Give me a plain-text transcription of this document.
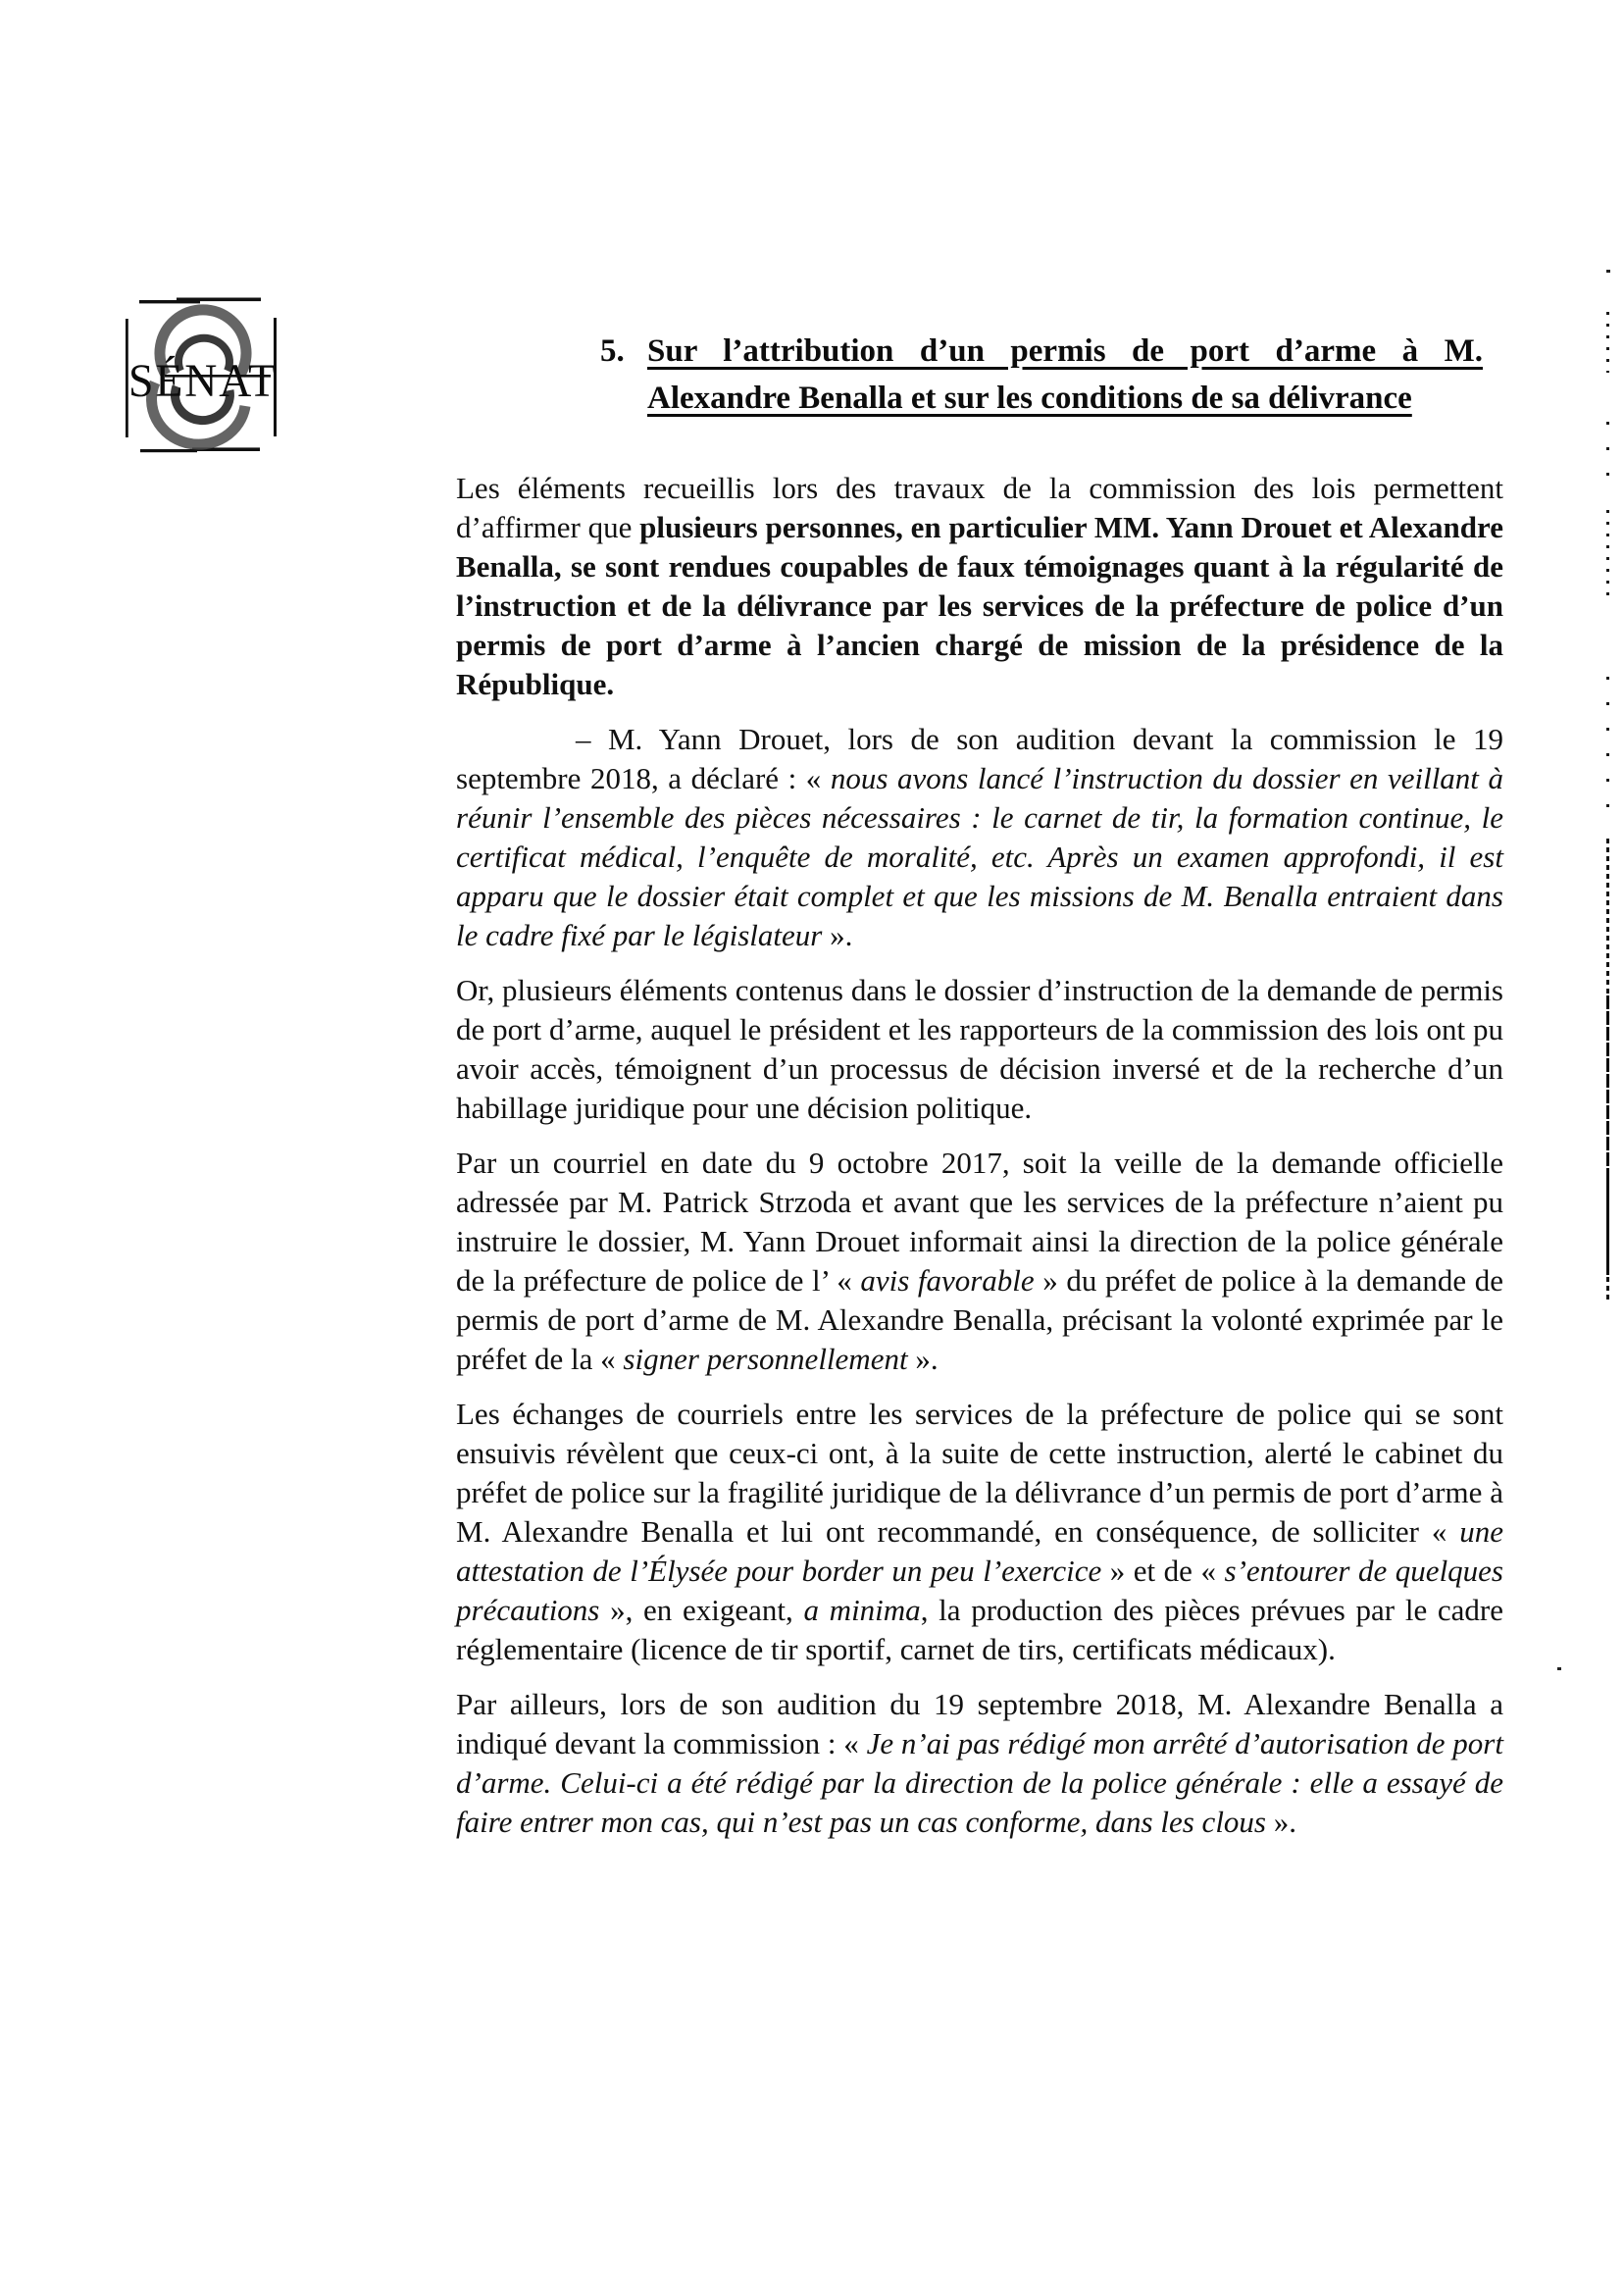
SÉNAT
5. Sur l’attribution d’un permis de port d’arme à M. Alexandre Benalla et sur les conditions de sa délivrance

Les éléments recueillis lors des travaux de la commission des lois permettent d’affirmer que plusieurs personnes, en particulier MM. Yann Drouet et Alexandre Benalla, se sont rendues coupables de faux témoignages quant à la régularité de l’instruction et de la délivrance par les services de la préfecture de police d’un permis de port d’arme à l’ancien chargé de mission de la présidence de la République.

– M. Yann Drouet, lors de son audition devant la commission le 19 septembre 2018, a déclaré : « nous avons lancé l’instruction du dossier en veillant à réunir l’ensemble des pièces nécessaires : le carnet de tir, la formation continue, le certificat médical, l’enquête de moralité, etc. Après un examen approfondi, il est apparu que le dossier était complet et que les missions de M. Benalla entraient dans le cadre fixé par le législateur ».

Or, plusieurs éléments contenus dans le dossier d’instruction de la demande de permis de port d’arme, auquel le président et les rapporteurs de la commission des lois ont pu avoir accès, témoignent d’un processus de décision inversé et de la recherche d’un habillage juridique pour une décision politique.

Par un courriel en date du 9 octobre 2017, soit la veille de la demande officielle adressée par M. Patrick Strzoda et avant que les services de la préfecture n’aient pu instruire le dossier, M. Yann Drouet informait ainsi la direction de la police générale de la préfecture de police de l’ « avis favorable » du préfet de police à la demande de permis de port d’arme de M. Alexandre Benalla, précisant la volonté exprimée par le préfet de la « signer personnellement ».

Les échanges de courriels entre les services de la préfecture de police qui se sont ensuivis révèlent que ceux-ci ont, à la suite de cette instruction, alerté le cabinet du préfet de police sur la fragilité juridique de la délivrance d’un permis de port d’arme à M. Alexandre Benalla et lui ont recommandé, en conséquence, de solliciter « une attestation de l’Élysée pour border un peu l’exercice » et de « s’entourer de quelques précautions », en exigeant, a minima, la production des pièces prévues par le cadre réglementaire (licence de tir sportif, carnet de tirs, certificats médicaux).

Par ailleurs, lors de son audition du 19 septembre 2018, M. Alexandre Benalla a indiqué devant la commission : « Je n’ai pas rédigé mon arrêté d’autorisation de port d’arme. Celui-ci a été rédigé par la direction de la police générale : elle a essayé de faire entrer mon cas, qui n’est pas un cas conforme, dans les clous ».
